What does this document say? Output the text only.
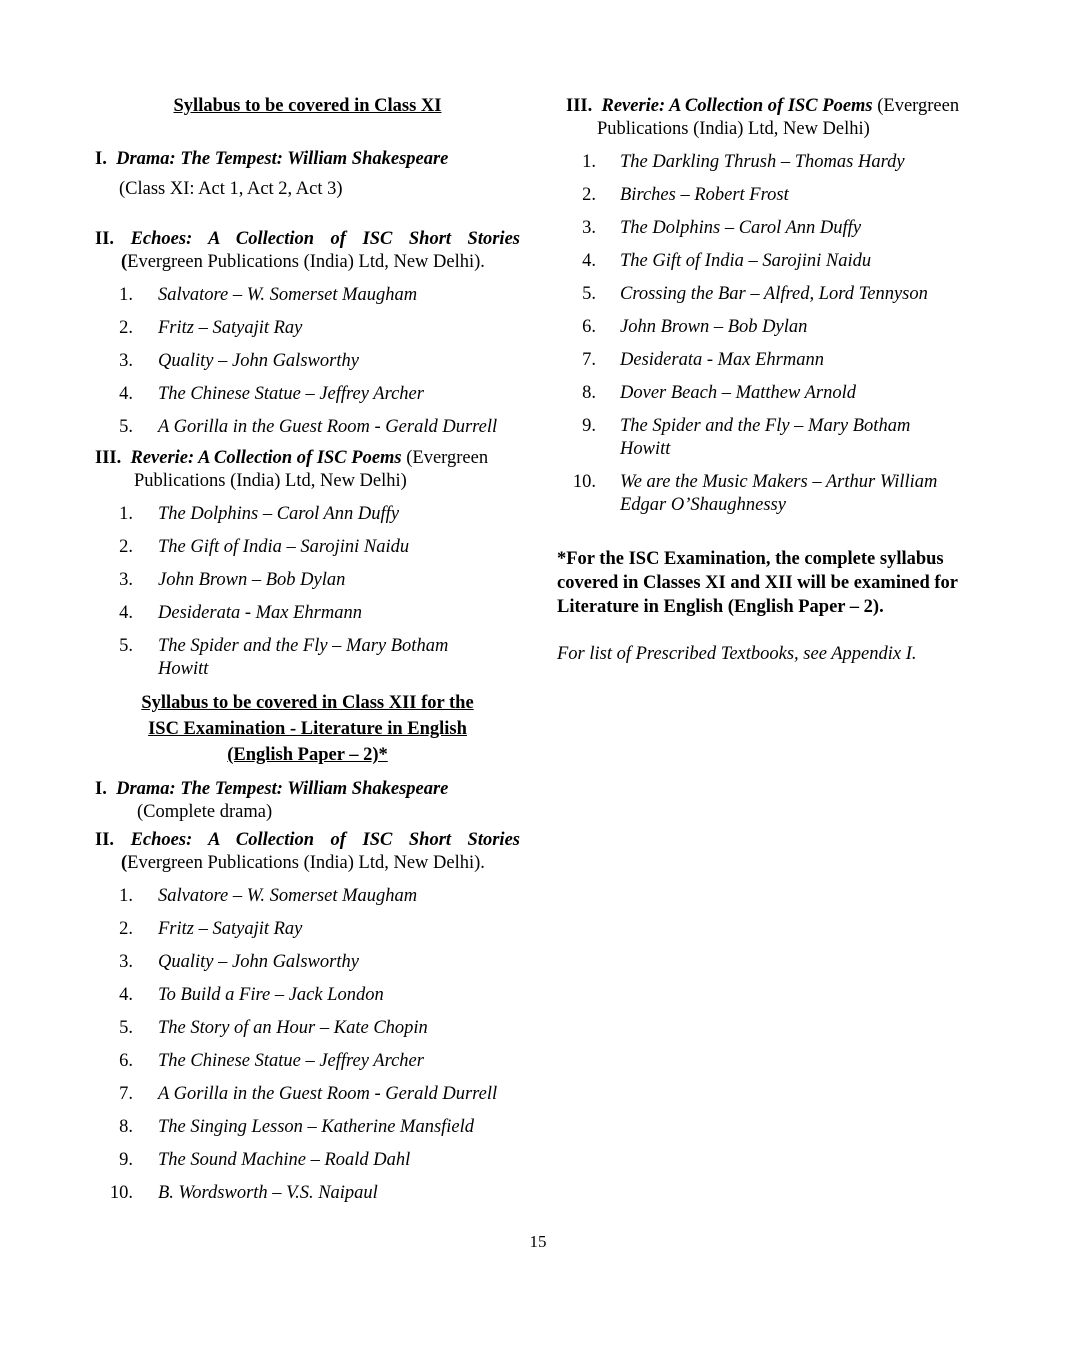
Syllabus to be covered in Class XI

I. Drama: The Tempest: William Shakespeare

(Class XI: Act 1, Act 2, Act 3)

II. Echoes: A Collection of ISC Short Stories
(Evergreen Publications (India) Ltd, New Delhi).

1. Salvatore – W. Somerset Maugham
2. Fritz – Satyajit Ray
3. Quality – John Galsworthy
4. The Chinese Statue – Jeffrey Archer
5. A Gorilla in the Guest Room - Gerald Durrell

III. Reverie: A Collection of ISC Poems (Evergreen
Publications (India) Ltd, New Delhi)

1. The Dolphins – Carol Ann Duffy
2. The Gift of India – Sarojini Naidu
3. John Brown – Bob Dylan
4. Desiderata - Max Ehrmann
5. The Spider and the Fly – Mary Botham Howitt

Syllabus to be covered in Class XII for the

ISC Examination - Literature in English

(English Paper – 2)*

I. Drama: The Tempest: William Shakespeare

(Complete drama)

II. Echoes: A Collection of ISC Short Stories
(Evergreen Publications (India) Ltd, New Delhi).

1. Salvatore – W. Somerset Maugham
2. Fritz – Satyajit Ray
3. Quality – John Galsworthy
4. To Build a Fire – Jack London
5. The Story of an Hour – Kate Chopin
6. The Chinese Statue – Jeffrey Archer
7. A Gorilla in the Guest Room - Gerald Durrell
8. The Singing Lesson – Katherine Mansfield
9. The Sound Machine – Roald Dahl
10. B. Wordsworth – V.S. Naipaul

III. Reverie: A Collection of ISC Poems (Evergreen
Publications (India) Ltd, New Delhi)

1. The Darkling Thrush – Thomas Hardy
2. Birches – Robert Frost
3. The Dolphins – Carol Ann Duffy
4. The Gift of India – Sarojini Naidu
5. Crossing the Bar – Alfred, Lord Tennyson
6. John Brown – Bob Dylan
7. Desiderata - Max Ehrmann
8. Dover Beach – Matthew Arnold
9. The Spider and the Fly – Mary Botham Howitt
10. We are the Music Makers – Arthur William Edgar O’Shaughnessy

*For the ISC Examination, the complete syllabus covered in Classes XI and XII will be examined for Literature in English (English Paper – 2).

For list of Prescribed Textbooks, see Appendix I.

15
